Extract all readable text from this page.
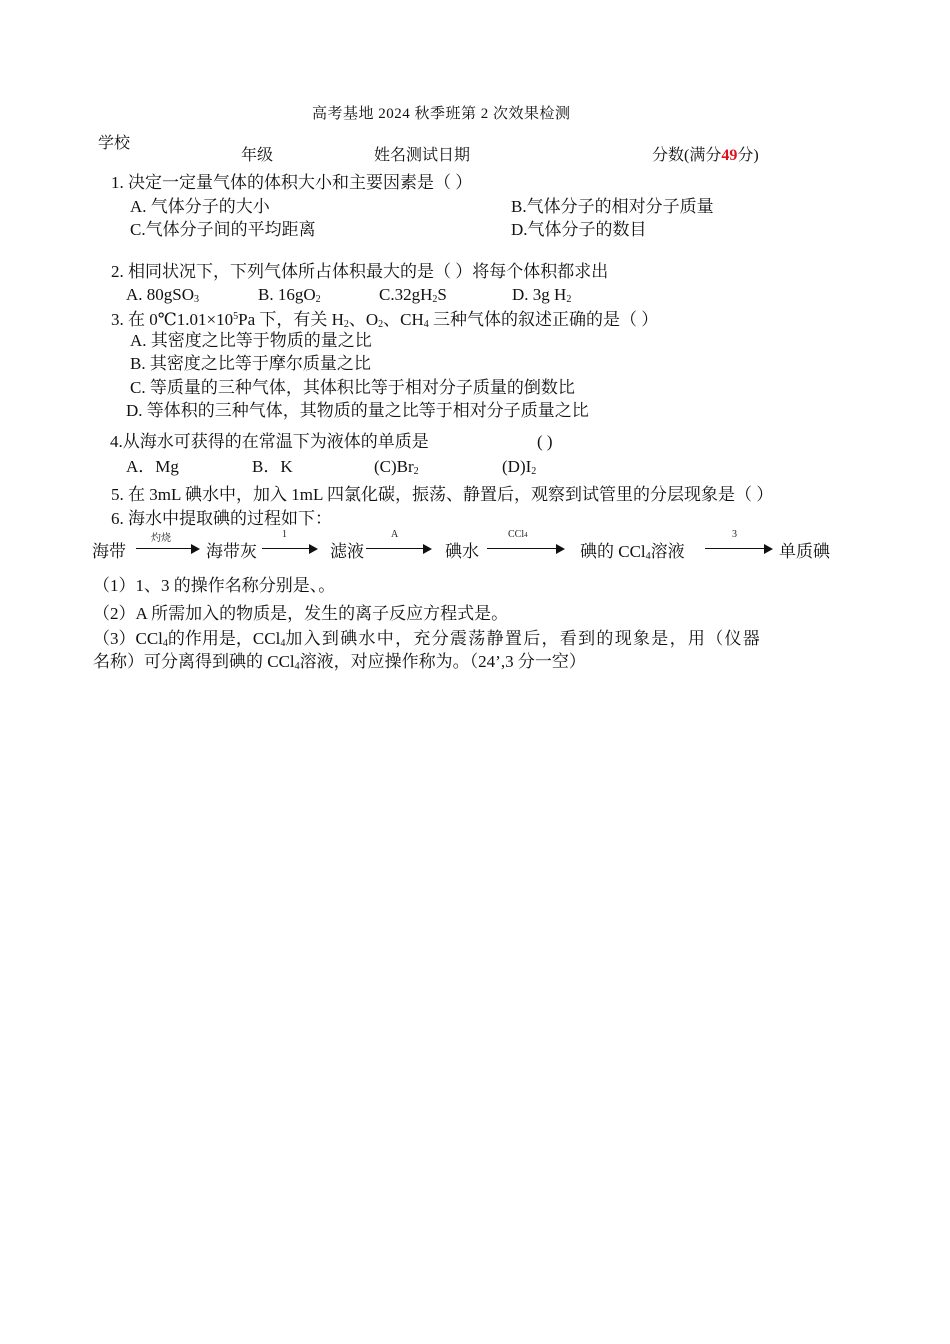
高考基地 2024 秋季班第 2 次效果检测
学校
年级	姓名测试日期	分数(满分49分)
1. 决定一定量气体的体积大小和主要因素是（ ）
A. 气体分子的大小	B.气体分子的相对分子质量
C.气体分子间的平均距离	D.气体分子的数目
2. 相同状况下，下列气体所占体积最大的是（ ）将每个体积都求出
A. 80gSO$_3$	B. $16gO_2$	$C.32gH_2S$	D. 3g $H_2$
3. 在 $0℃1.01\times 10^5Pa$ 下，有关 $H_2$、$O_2$、$CH_4$ 三种气体的叙述正确的是（ ）
A. 其密度之比等于物质的量之比
B. 其密度之比等于摩尔质量之比
C. 等质量的三种气体，其体积比等于相对分子质量的倒数比
D. 等体积的三种气体，其物质的量之比等于相对分子质量之比
4.从海水可获得的在常温下为液体的单质是	( )
A．Mg	B．K	$(C)Br_2$	$(D)I_2$
5. 在 3mL 碘水中，加入 1mL 四氯化碳，振荡、静置后，观察到试管里的分层现象是（ ）
6. 海水中提取碘的过程如下：
海带
灼烧
海带灰
1
滤液
A
碘水
CCl4
碘的 CCl$_4$溶液
3
单质碘
（1）1、3 的操作名称分别是、。
（2）A 所需加入的物质是，发生的离子反应方程式是。
（3）CCl$_4$的作用是，CCl$_4$加入到碘水中，充分震荡静置后，看到的现象是，用（仪器
名称）可分离得到碘的 CCl$_4$溶液，对应操作称为。（24’,3 分一空）
